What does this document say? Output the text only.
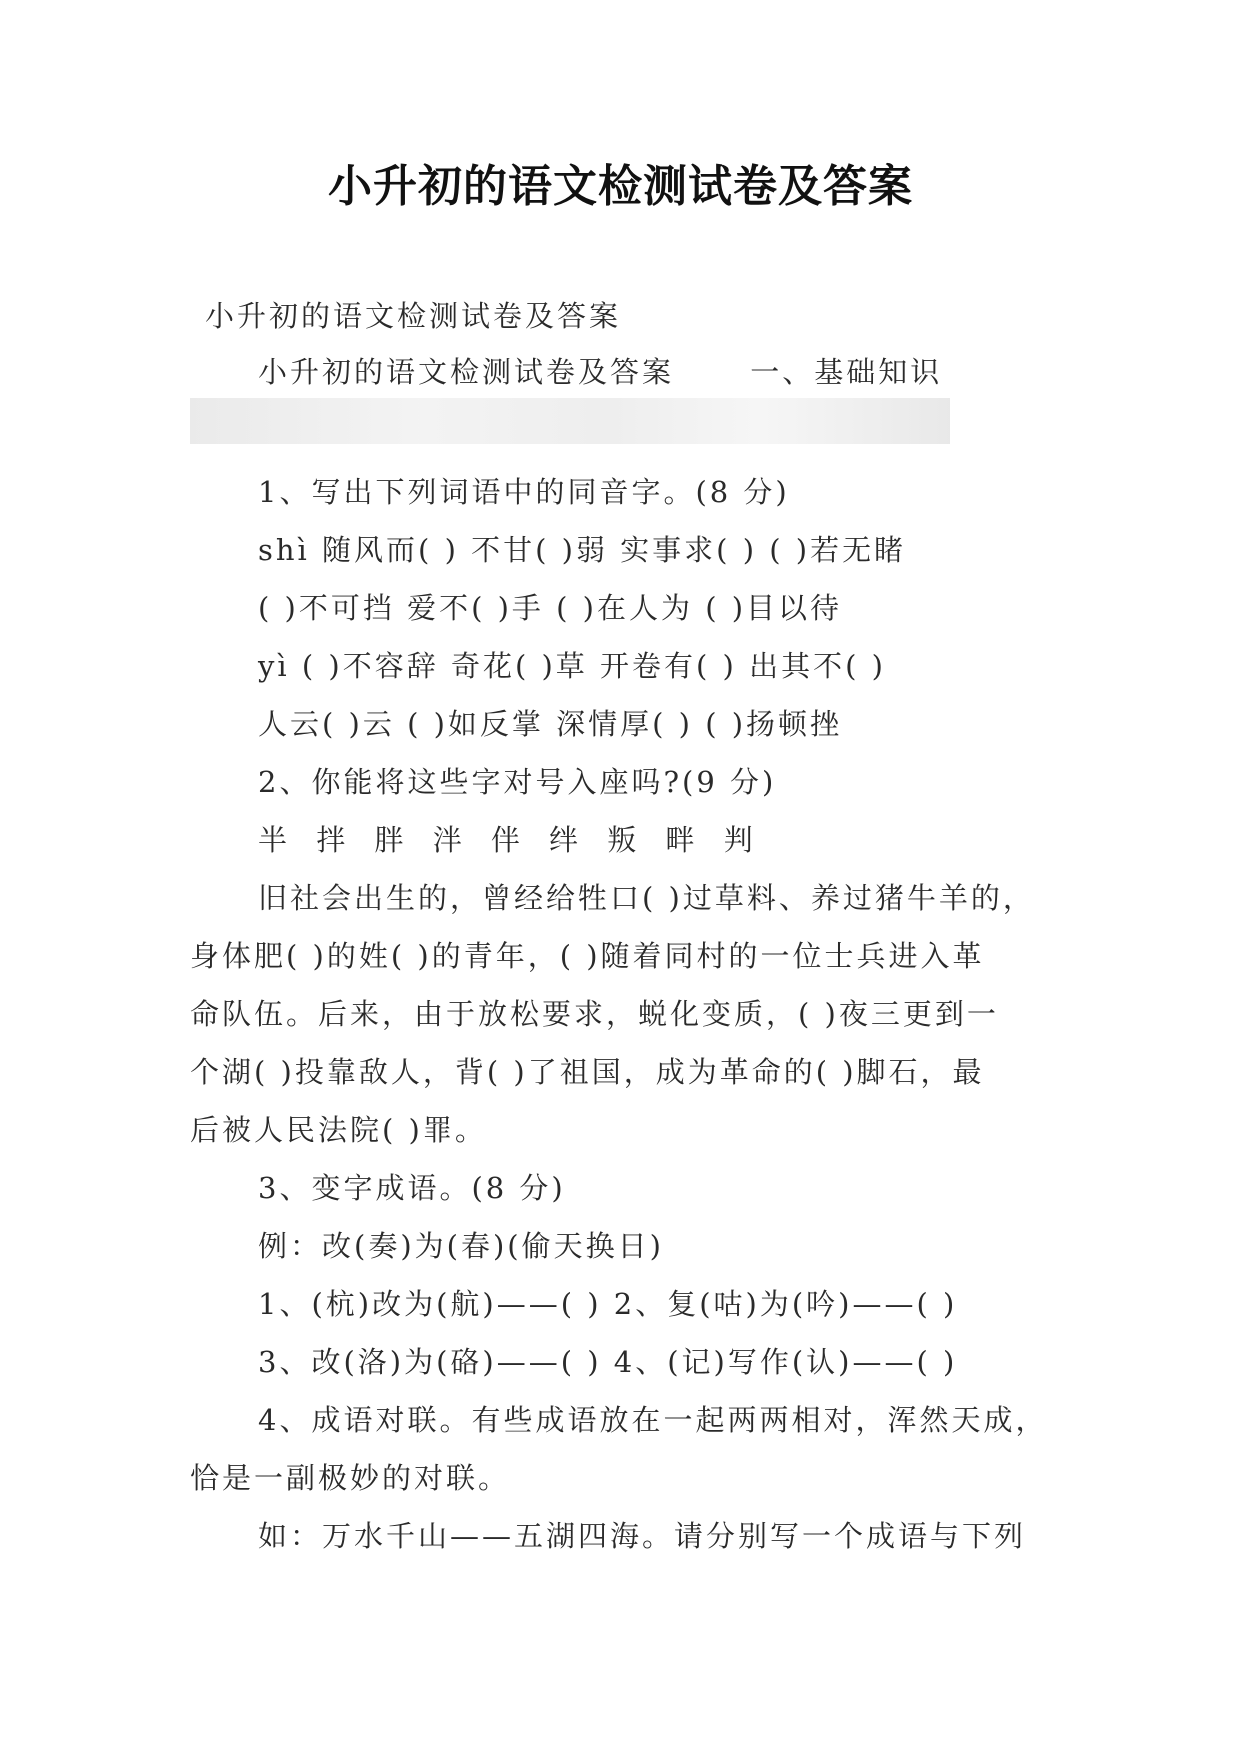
小升初的语文检测试卷及答案
小升初的语文检测试卷及答案
小升初的语文检测试卷及答案　　 一、基础知识
1、写出下列词语中的同音字。(8 分)
shì 随风而( ) 不甘( )弱 实事求( ) ( )若无睹
( )不可挡 爱不( )手 ( )在人为 ( )目以待
yì ( )不容辞 奇花( )草 开卷有( ) 出其不( )
人云( )云 ( )如反掌 深情厚( ) ( )扬顿挫
2、你能将这些字对号入座吗?(9 分)
半 拌 胖 泮 伴 绊 叛 畔 判
旧社会出生的，曾经给牲口( )过草料、养过猪牛羊的，
身体肥( )的姓( )的青年，( )随着同村的一位士兵进入革
命队伍。后来，由于放松要求，蜕化变质，( )夜三更到一
个湖( )投靠敌人，背( )了祖国，成为革命的( )脚石，最
后被人民法院( )罪。
3、变字成语。(8 分)
例：改(奏)为(春)(偷天换日)
1、(杭)改为(航)——( ) 2、复(咕)为(吟)——( )
3、改(洛)为(硌)——( ) 4、(记)写作(认)——( )
4、成语对联。有些成语放在一起两两相对，浑然天成，
恰是一副极妙的对联。
如：万水千山——五湖四海。请分别写一个成语与下列
